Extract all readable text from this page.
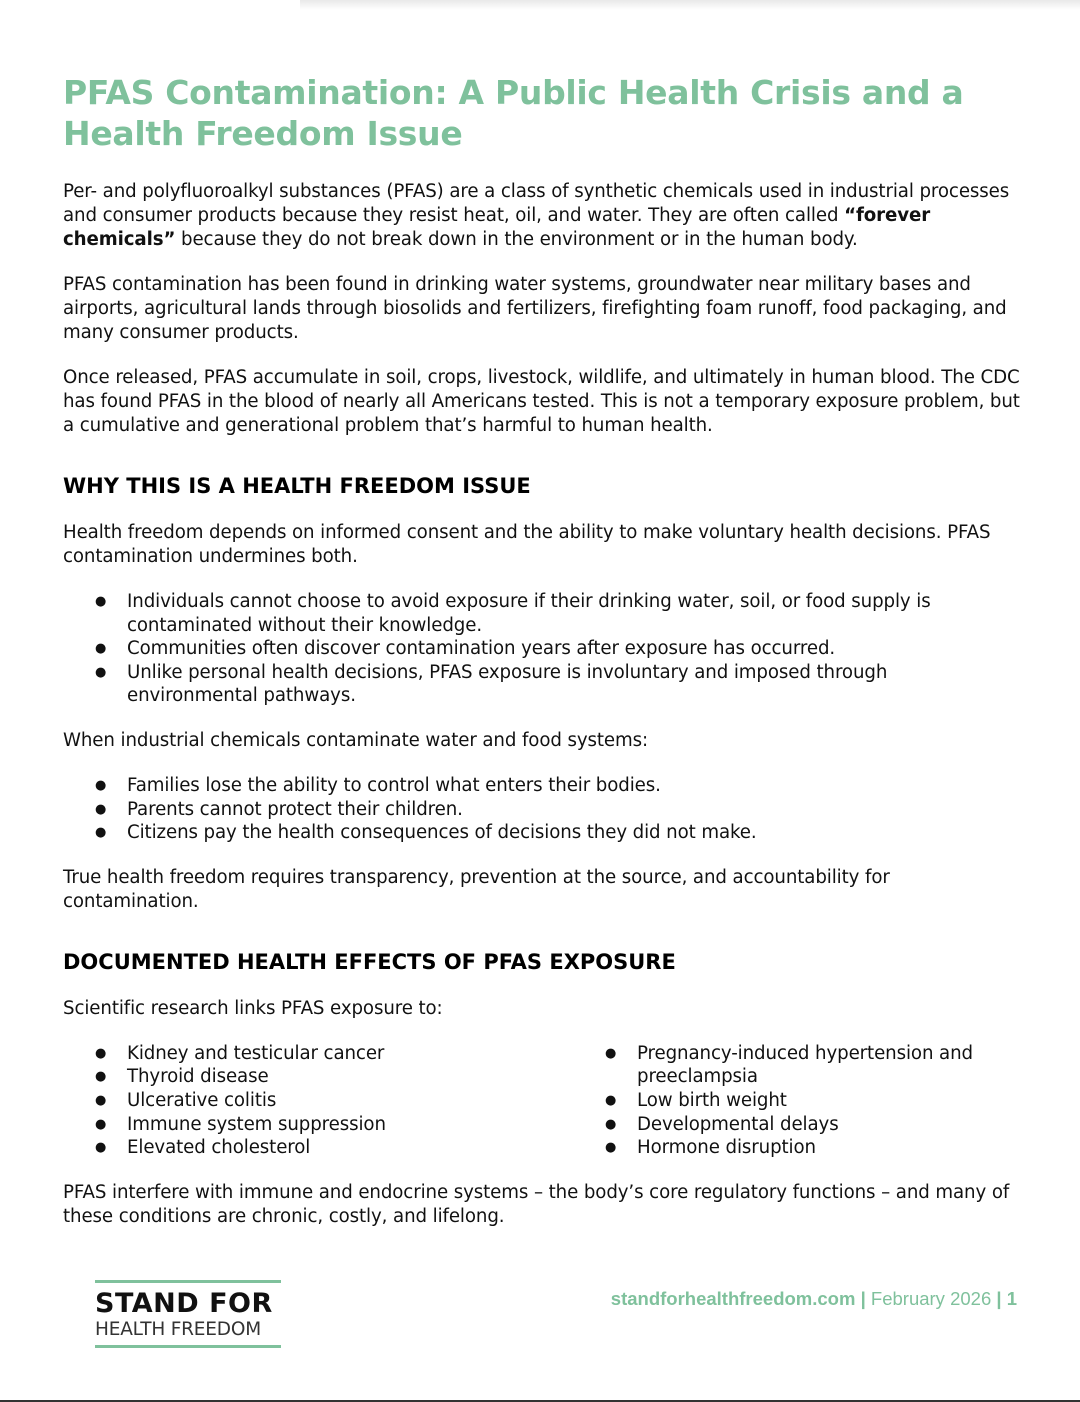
PFAS Contamination: A Public Health Crisis and a Health Freedom Issue

Per- and polyfluoroalkyl substances (PFAS) are a class of synthetic chemicals used in industrial processes and consumer products because they resist heat, oil, and water. They are often called “forever chemicals” because they do not break down in the environment or in the human body.

PFAS contamination has been found in drinking water systems, groundwater near military bases and airports, agricultural lands through biosolids and fertilizers, firefighting foam runoff, food packaging, and many consumer products.

Once released, PFAS accumulate in soil, crops, livestock, wildlife, and ultimately in human blood. The CDC has found PFAS in the blood of nearly all Americans tested. This is not a temporary exposure problem, but a cumulative and generational problem that’s harmful to human health.

WHY THIS IS A HEALTH FREEDOM ISSUE

Health freedom depends on informed consent and the ability to make voluntary health decisions. PFAS contamination undermines both.

● Individuals cannot choose to avoid exposure if their drinking water, soil, or food supply is contaminated without their knowledge.
● Communities often discover contamination years after exposure has occurred.
● Unlike personal health decisions, PFAS exposure is involuntary and imposed through environmental pathways.

When industrial chemicals contaminate water and food systems:

● Families lose the ability to control what enters their bodies.
● Parents cannot protect their children.
● Citizens pay the health consequences of decisions they did not make.

True health freedom requires transparency, prevention at the source, and accountability for contamination.

DOCUMENTED HEALTH EFFECTS OF PFAS EXPOSURE

Scientific research links PFAS exposure to:

● Kidney and testicular cancer
● Thyroid disease
● Ulcerative colitis
● Immune system suppression
● Elevated cholesterol
● Pregnancy-induced hypertension and preeclampsia
● Low birth weight
● Developmental delays
● Hormone disruption

PFAS interfere with immune and endocrine systems – the body’s core regulatory functions – and many of these conditions are chronic, costly, and lifelong.

STAND FOR
HEALTH FREEDOM
standforhealthfreedom.com | February 2026 | 1
